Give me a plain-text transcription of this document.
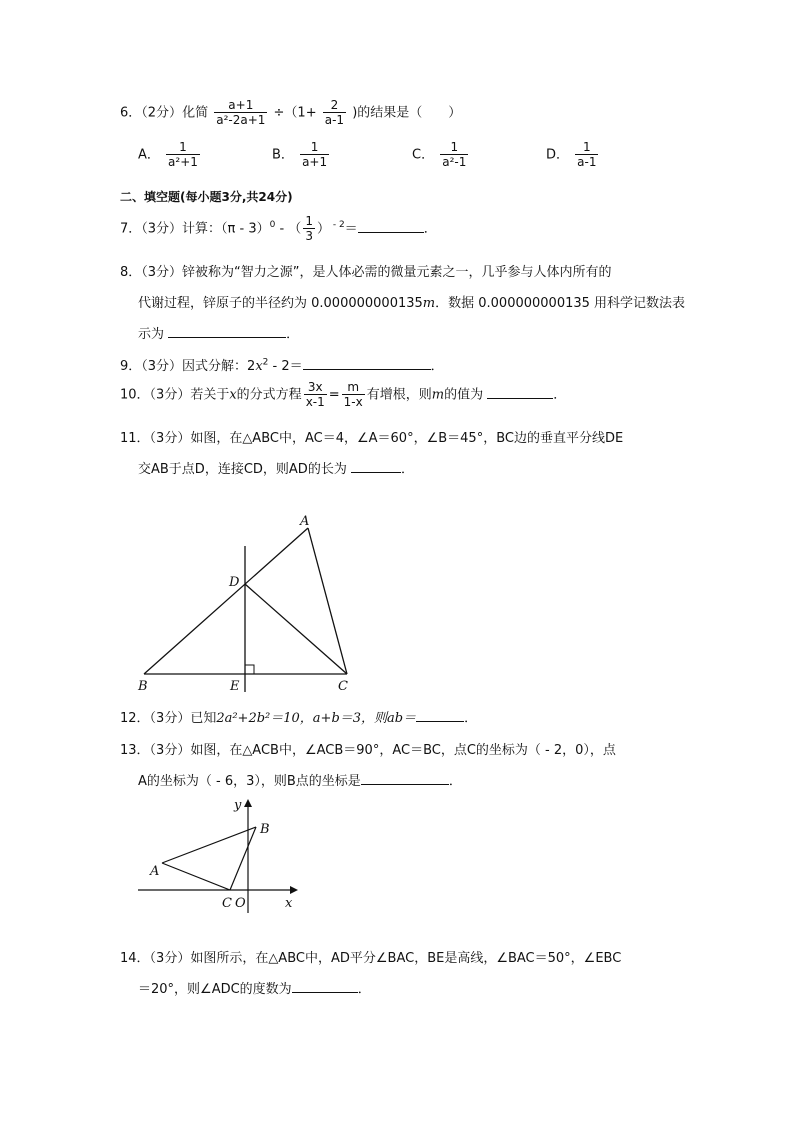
6．（2分）化简 $\frac{a+1}{\text{a²-2a+1}} \div(1+ \frac{2}{a-1}$ )的结果是（　　）
A． $\frac{1}{\text{a²+1}}$	B． $\frac{1}{a+1}$	C． $\frac{1}{\text{a²-1}}$	D． $\frac{1}{a-1}$
二、填空题(每小题3分,共24分)
7．（3分）计算：（π - 3）$^0$ - （ $\frac{1}{3}$ ） $^{- 2}$＝	．
8．（3分）锌被称为“智力之源”，是人体必需的微量元素之一，几乎参与人体内所有的
代谢过程，锌原子的半径约为 0.000000000135m．数据 0.000000000135 用科学记数法表
示为	．
9．（3分）因式分解：$2x^2 - 2=$	．
10．（3分）若关于x的分式方程 $\frac{3x}{x-1} = \frac{m}{1-x}$ 有增根，则m的值为	．
11．（3分）如图，在△ABC中，AC＝4，∠A＝60°，∠B＝45°，BC边的垂直平分线DE
交AB于点D，连接CD，则AD的长为	．
A
D
B	E	C
12．（3分）已知2a²+2b²＝10，a+b＝3，则ab＝	．
13．（3分）如图，在△ACB中，∠ACB＝90°，AC＝BC，点C的坐标为（ - 2，0），点
A的坐标为（ - 6，3），则B点的坐标是	．
y
B
A
C O	x
14．（3分）如图所示，在△ABC中，AD平分∠BAC，BE是高线，∠BAC＝50°，∠EBC
＝20°，则∠ADC的度数为	．
